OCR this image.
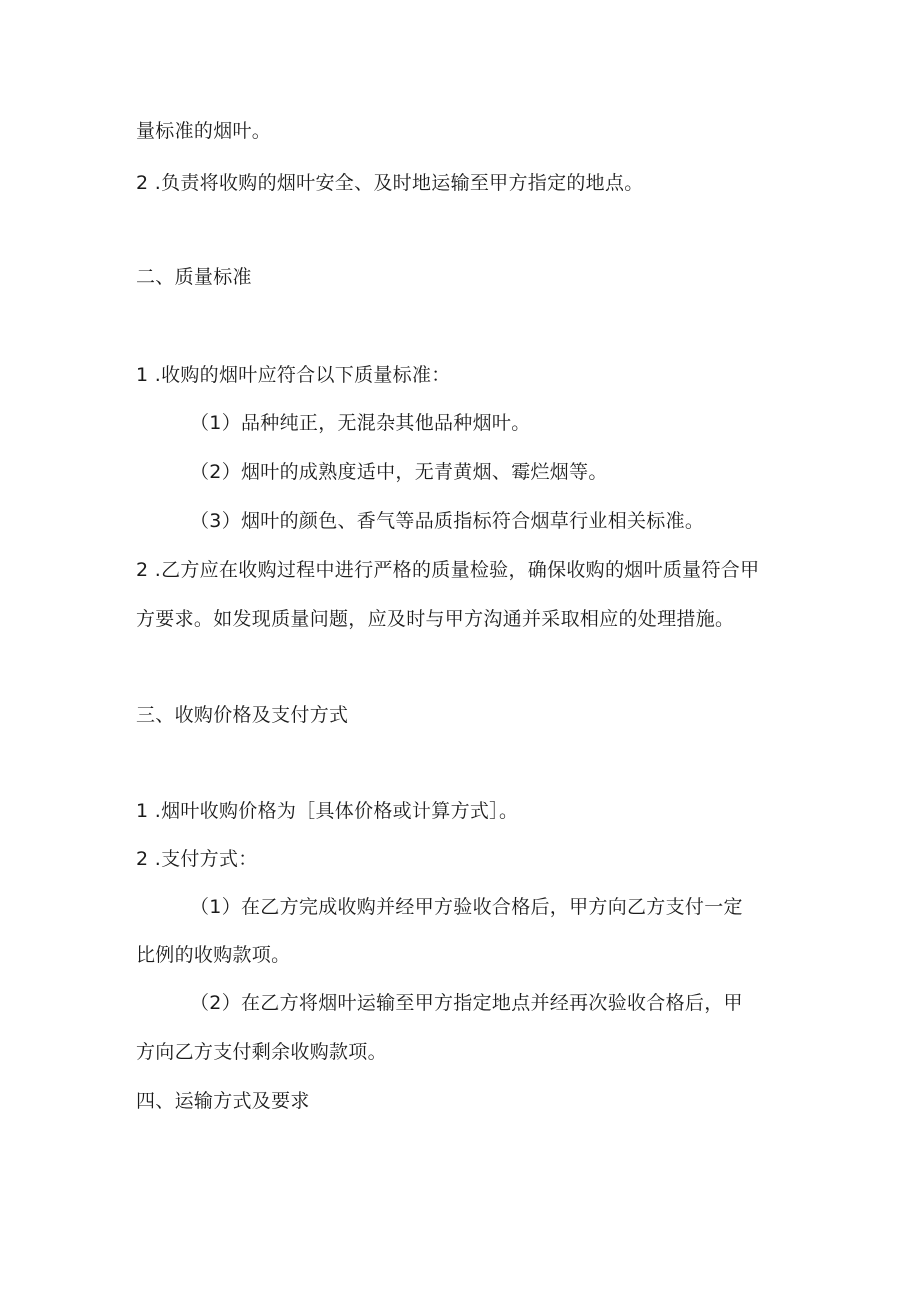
量标准的烟叶。
2 .负责将收购的烟叶安全、及时地运输至甲方指定的地点。
二、质量标准
1 .收购的烟叶应符合以下质量标准：
（1）品种纯正，无混杂其他品种烟叶。
（2）烟叶的成熟度适中，无青黄烟、霉烂烟等。
（3）烟叶的颜色、香气等品质指标符合烟草行业相关标准。
2 .乙方应在收购过程中进行严格的质量检验，确保收购的烟叶质量符合甲
方要求。如发现质量问题，应及时与甲方沟通并采取相应的处理措施。
三、收购价格及支付方式
1 .烟叶收购价格为［具体价格或计算方式］。
2 .支付方式：
（1）在乙方完成收购并经甲方验收合格后，甲方向乙方支付一定
比例的收购款项。
（2）在乙方将烟叶运输至甲方指定地点并经再次验收合格后，甲
方向乙方支付剩余收购款项。
四、运输方式及要求
